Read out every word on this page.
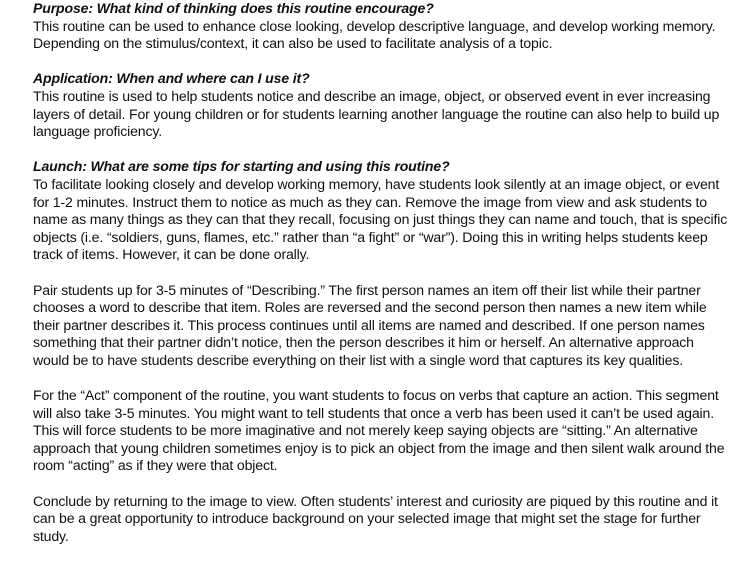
Purpose: What kind of thinking does this routine encourage?
This routine can be used to enhance close looking, develop descriptive language, and develop working memory. Depending on the stimulus/context, it can also be used to facilitate analysis of a topic.
Application: When and where can I use it?
This routine is used to help students notice and describe an image, object, or observed event in ever increasing layers of detail. For young children or for students learning another language the routine can also help to build up language proficiency.
Launch: What are some tips for starting and using this routine?
To facilitate looking closely and develop working memory, have students look silently at an image object, or event for 1-2 minutes. Instruct them to notice as much as they can. Remove the image from view and ask students to name as many things as they can that they recall, focusing on just things they can name and touch, that is specific objects (i.e. “soldiers, guns, flames, etc.” rather than “a fight” or “war”). Doing this in writing helps students keep track of items. However, it can be done orally.
Pair students up for 3-5 minutes of “Describing.” The first person names an item off their list while their partner chooses a word to describe that item. Roles are reversed and the second person then names a new item while their partner describes it. This process continues until all items are named and described. If one person names something that their partner didn’t notice, then the person describes it him or herself. An alternative approach would be to have students describe everything on their list with a single word that captures its key qualities.
For the “Act” component of the routine, you want students to focus on verbs that capture an action. This segment will also take 3-5 minutes. You might want to tell students that once a verb has been used it can’t be used again. This will force students to be more imaginative and not merely keep saying objects are “sitting.” An alternative approach that young children sometimes enjoy is to pick an object from the image and then silent walk around the room “acting” as if they were that object.
Conclude by returning to the image to view. Often students’ interest and curiosity are piqued by this routine and it can be a great opportunity to introduce background on your selected image that might set the stage for further study.
